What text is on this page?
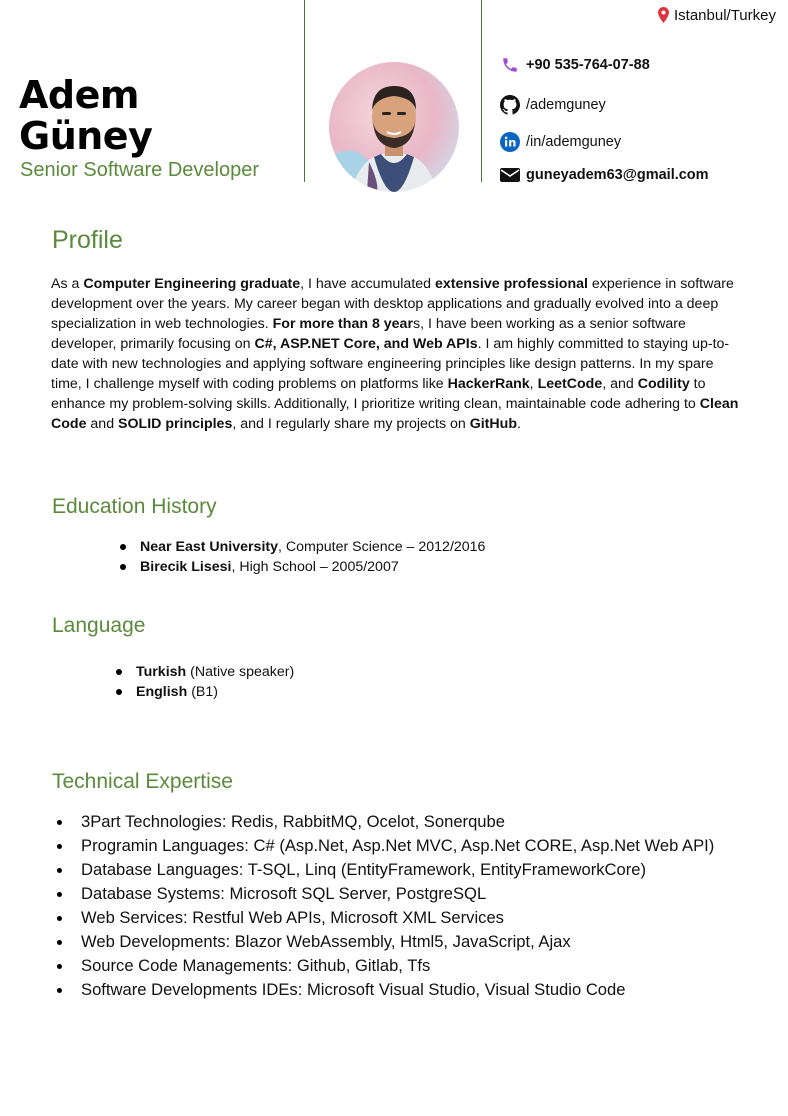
Adem
Güney
Senior Software Developer
Istanbul/Turkey
+90 535-764-07-88
/ademguney
/in/ademguney
guneyadem63@gmail.com
Profile
As a Computer Engineering graduate, I have accumulated extensive professional experience in software development over the years. My career began with desktop applications and gradually evolved into a deep specialization in web technologies. For more than 8 years, I have been working as a senior software developer, primarily focusing on C#, ASP.NET Core, and Web APIs. I am highly committed to staying up-to-date with new technologies and applying software engineering principles like design patterns. In my spare time, I challenge myself with coding problems on platforms like HackerRank, LeetCode, and Codility to enhance my problem-solving skills. Additionally, I prioritize writing clean, maintainable code adhering to Clean Code and SOLID principles, and I regularly share my projects on GitHub.
Education History
Near East University, Computer Science – 2012/2016
Birecik Lisesi, High School – 2005/2007
Language
Turkish (Native speaker)
English (B1)
Technical Expertise
3Part Technologies: Redis, RabbitMQ, Ocelot, Sonerqube
Programin Languages: C# (Asp.Net, Asp.Net MVC, Asp.Net CORE, Asp.Net Web API)
Database Languages: T-SQL, Linq (EntityFramework, EntityFrameworkCore)
Database Systems: Microsoft SQL Server, PostgreSQL
Web Services: Restful Web APIs, Microsoft XML Services
Web Developments: Blazor WebAssembly, Html5, JavaScript, Ajax
Source Code Managements: Github, Gitlab, Tfs
Software Developments IDEs: Microsoft Visual Studio, Visual Studio Code
